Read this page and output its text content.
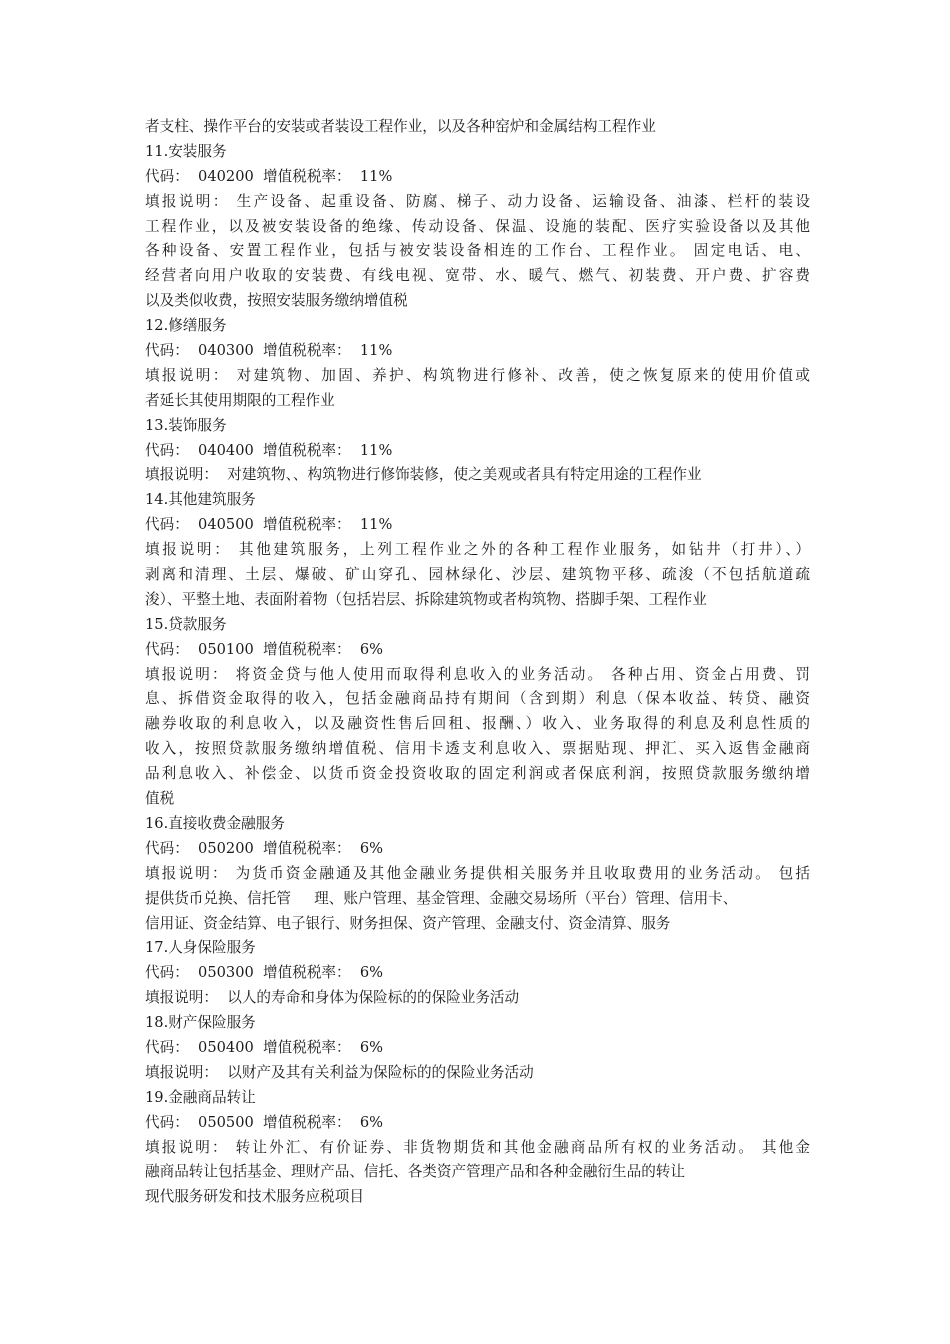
者支柱、操作平台的安装或者装设工程作业，以及各种窑炉和金属结构工程作业
11.安装服务
代码：  040200  增值税税率：  11%
填报说明： 生产设备、起重设备、防腐、梯子、动力设备、运输设备、油漆、栏杆的装设
工程作业，以及被安装设备的绝缘、传动设备、保温、设施的装配、医疗实验设备以及其他
各种设备、安置工程作业，包括与被安装设备相连的工作台、工程作业。 固定电话、电、
经营者向用户收取的安装费、有线电视、宽带、水、暖气、燃气、初装费、开户费、扩容费
以及类似收费，按照安装服务缴纳增值税
12.修缮服务
代码：  040300  增值税税率：  11%
填报说明： 对建筑物、加固、养护、构筑物进行修补、改善，使之恢复原来的使用价值或
者延长其使用期限的工程作业
13.装饰服务
代码：  040400  增值税税率：  11%
填报说明：  对建筑物、、构筑物进行修饰装修，使之美观或者具有特定用途的工程作业
14.其他建筑服务
代码：  040500  增值税税率：  11%
填报说明： 其他建筑服务，上列工程作业之外的各种工程作业服务，如钻井（打井）、）
剥离和清理、土层、爆破、矿山穿孔、园林绿化、沙层、建筑物平移、疏浚（不包括航道疏
浚）、平整土地、表面附着物（包括岩层、拆除建筑物或者构筑物、搭脚手架、工程作业
15.贷款服务
代码：  050100  增值税税率：  6%
填报说明： 将资金贷与他人使用而取得利息收入的业务活动。 各种占用、资金占用费、罚
息、拆借资金取得的收入，包括金融商品持有期间（含到期）利息（保本收益、转贷、融资
融券收取的利息收入，以及融资性售后回租、报酬、）收入、业务取得的利息及利息性质的
收入，按照贷款服务缴纳增值税、信用卡透支利息收入、票据贴现、押汇、买入返售金融商
品利息收入、补偿金、以货币资金投资收取的固定利润或者保底利润，按照贷款服务缴纳增
值税
16.直接收费金融服务
代码：  050200  增值税税率：  6%
填报说明： 为货币资金融通及其他金融业务提供相关服务并且收取费用的业务活动。 包括
提供货币兑换、信托管     理、账户管理、基金管理、金融交易场所（平台）管理、信用卡、
信用证、资金结算、电子银行、财务担保、资产管理、金融支付、资金清算、服务
17.人身保险服务
代码：  050300  增值税税率：  6%
填报说明：  以人的寿命和身体为保险标的的保险业务活动
18.财产保险服务
代码：  050400  增值税税率：  6%
填报说明：  以财产及其有关利益为保险标的的保险业务活动
19.金融商品转让
代码：  050500  增值税税率：  6%
填报说明： 转让外汇、有价证券、非货物期货和其他金融商品所有权的业务活动。 其他金
融商品转让包括基金、理财产品、信托、各类资产管理产品和各种金融衍生品的转让
现代服务研发和技术服务应税项目
